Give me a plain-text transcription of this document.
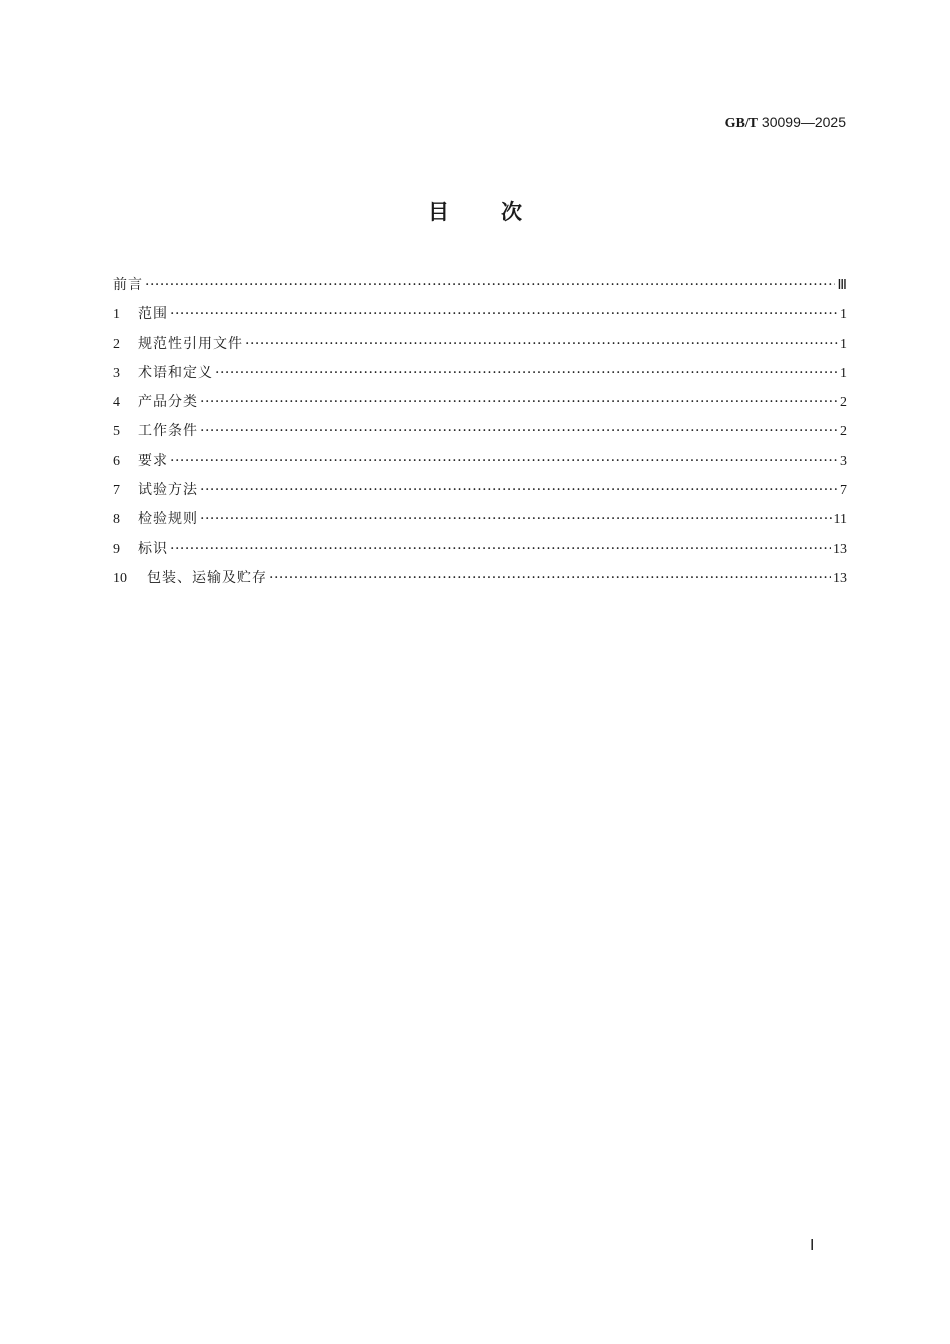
GB/T 30099—2025
目次
前言 ·····	Ⅲ
1	范围 ·····	1
2	规范性引用文件 ·····	1
3	术语和定义 ·····	1
4	产品分类 ·····	2
5	工作条件 ·····	2
6	要求 ·····	3
7	试验方法 ·····	7
8	检验规则 ·····	11
9	标识 ·····	13
10	包装、运输及贮存 ·····	13
Ⅰ
